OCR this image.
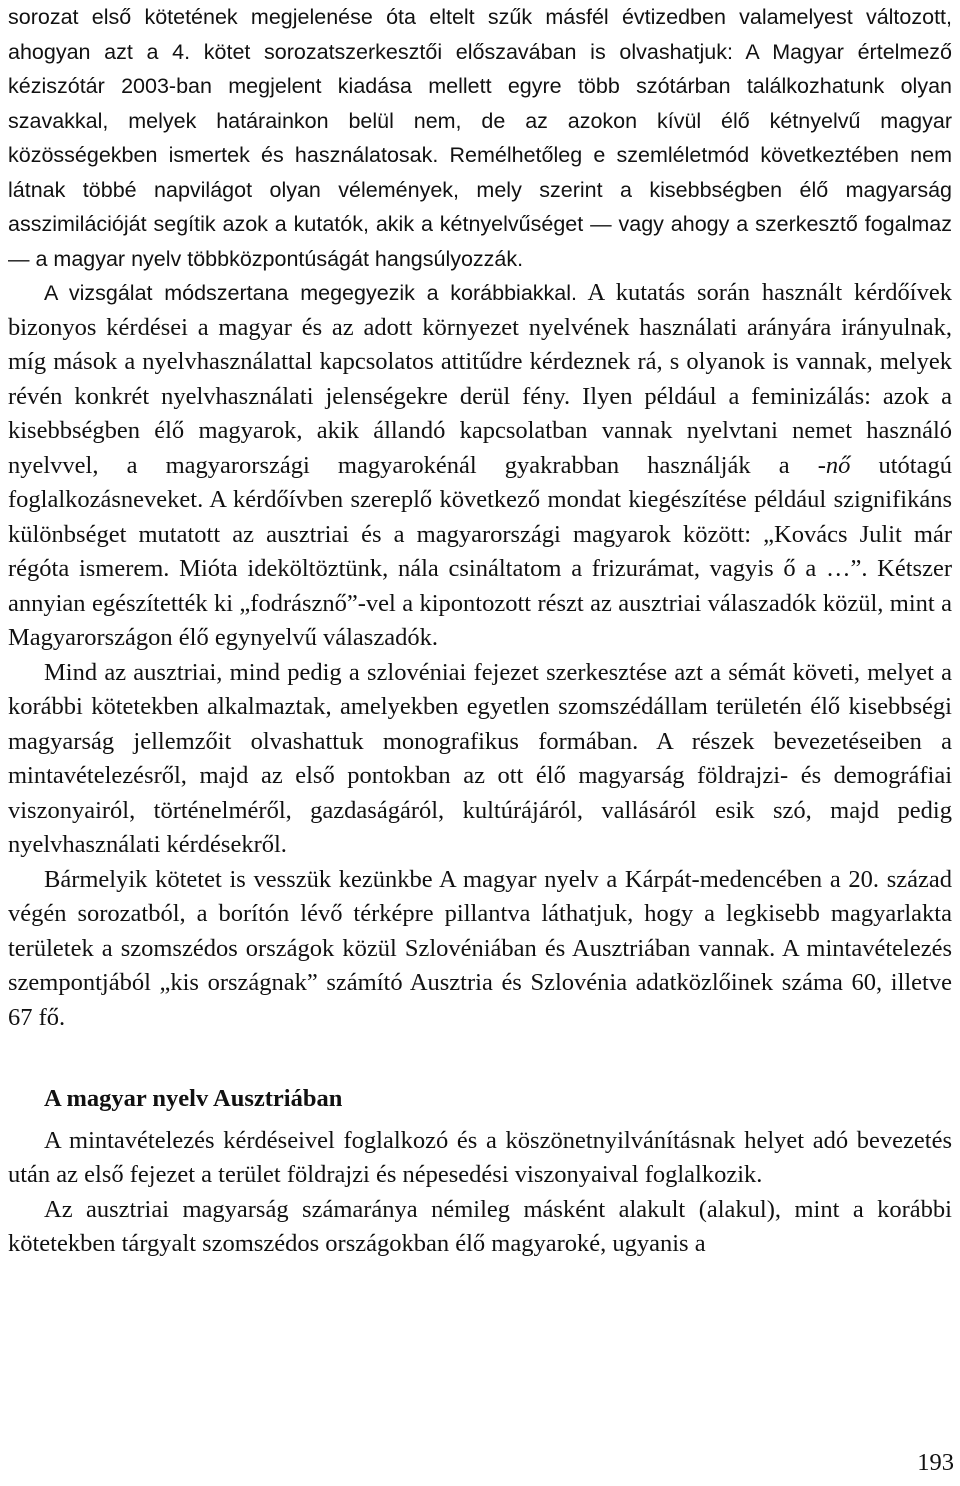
sorozat első kötetének megjelenése óta eltelt szűk másfél évtizedben valamelyest változott, ahogyan azt a 4. kötet sorozatszerkesztői előszavában is olvashatjuk: A Magyar értelmező kéziszótár 2003-ban megjelent kiadása mellett egyre több szótárban találkozhatunk olyan szavakkal, melyek határainkon belül nem, de az azokon kívül élő kétnyelvű magyar közösségekben ismertek és használatosak. Remélhetőleg e szemléletmód következtében nem látnak többé napvilágot olyan vélemények, mely szerint a kisebbségben élő magyarság asszimilációját segítik azok a kutatók, akik a kétnyelvűséget — vagy ahogy a szerkesztő fogalmaz — a magyar nyelv többközpontúságát hangsúlyozzák.

A vizsgálat módszertana megegyezik a korábbiakkal. A kutatás során használt kérdőívek bizonyos kérdései a magyar és az adott környezet nyelvének használati arányára irányulnak, míg mások a nyelvhasználattal kapcsolatos attitűdre kérdeznek rá, s olyanok is vannak, melyek révén konkrét nyelvhasználati jelenségekre derül fény. Ilyen például a feminizálás: azok a kisebbségben élő magyarok, akik állandó kapcsolatban vannak nyelvtani nemet használó nyelvvel, a magyarországi magyarokénál gyakrabban használják a -nő utótagú foglalkozásneveket. A kérdőívben szereplő következő mondat kiegészítése például szignifikáns különbséget mutatott az ausztriai és a magyarországi magyarok között: „Kovács Julit már régóta ismerem. Mióta ideköltöztünk, nála csináltatom a frizurámat, vagyis ő a …”. Kétszer annyian egészítették ki „fodrásznő”-vel a kipontozott részt az ausztriai válaszadók közül, mint a Magyarországon élő egynyelvű válaszadók.

Mind az ausztriai, mind pedig a szlovéniai fejezet szerkesztése azt a sémát követi, melyet a korábbi kötetekben alkalmaztak, amelyekben egyetlen szomszédállam területén élő kisebbségi magyarság jellemzőit olvashattuk monografikus formában. A részek bevezetéseiben a mintavételezésről, majd az első pontokban az ott élő magyarság földrajzi- és demográfiai viszonyairól, történelméről, gazdaságáról, kultúrájáról, vallásáról esik szó, majd pedig nyelvhasználati kérdésekről.

Bármelyik kötetet is vesszük kezünkbe A magyar nyelv a Kárpát-medencében a 20. század végén sorozatból, a borítón lévő térképre pillantva láthatjuk, hogy a legkisebb magyarlakta területek a szomszédos országok közül Szlovéniában és Ausztriában vannak. A mintavételezés szempontjából „kis országnak” számító Ausztria és Szlovénia adatközlőinek száma 60, illetve 67 fő.

A magyar nyelv Ausztriában

A mintavételezés kérdéseivel foglalkozó és a köszönetnyilvánításnak helyet adó bevezetés után az első fejezet a terület földrajzi és népesedési viszonyaival foglalkozik.

Az ausztriai magyarság számaránya némileg másként alakult (alakul), mint a korábbi kötetekben tárgyalt szomszédos országokban élő magyaroké, ugyanis a

193
